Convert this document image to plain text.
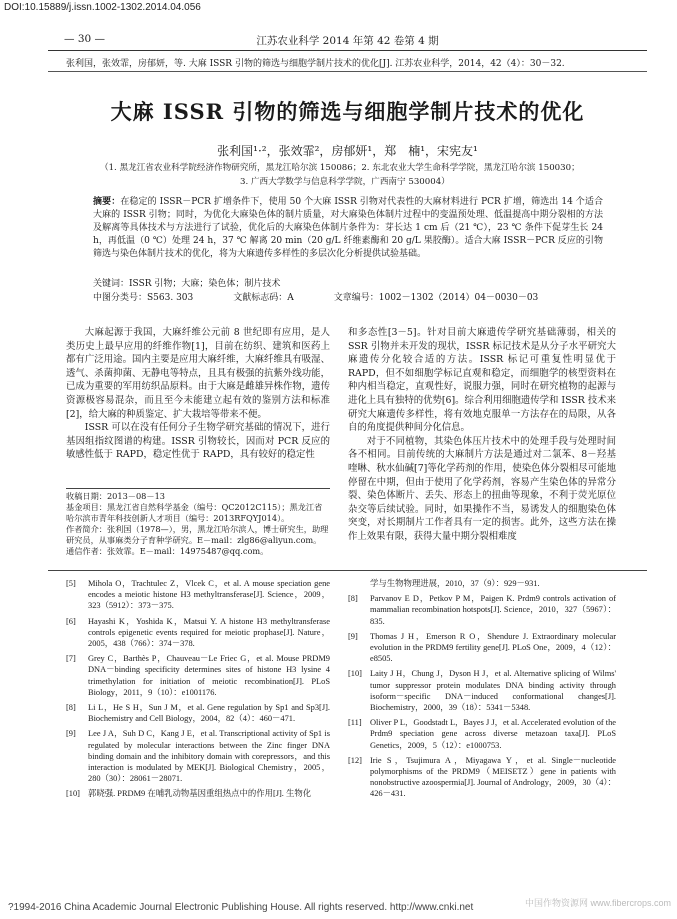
DOI:10.15889/j.issn.1002-1302.2014.04.056
— 30 —	江苏农业科学 2014 年第 42 卷第 4 期
张利国，张效霏，房郁妍，等. 大麻 ISSR 引物的筛选与细胞学制片技术的优化[J]. 江苏农业科学，2014，42（4）：30－32.
大麻 ISSR 引物的筛选与细胞学制片技术的优化
张利国¹·²，张效霏²，房郁妍¹，郑　楠¹，宋宪友¹
（1. 黑龙江省农业科学院经济作物研究所，黑龙江哈尔滨 150086；2. 东北农业大学生命科学学院，黑龙江哈尔滨 150030；
3. 广西大学数学与信息科学学院，广西南宁 530004）
摘要：在稳定的 ISSR－PCR 扩增条件下，使用 50 个大麻 ISSR 引物对代表性的大麻材料进行 PCR 扩增，筛选出 14 个适合大麻的 ISSR 引物；同时，为优化大麻染色体的制片质量，对大麻染色体制片过程中的变温预处理、低温提高中期分裂相的方法及解离等具体技术与方法进行了试验，优化后的大麻染色体制片条件为：芽长达 1 cm 后（21 ℃），23 ℃ 条件下促芽生长 24 h，再低温（0 ℃）处理 24 h，37 ℃ 解离 20 min（20 g/L 纤维素酶和 20 g/L 果胶酶）。适合大麻 ISSR－PCR 反应的引物筛选与染色体制片技术的优化，将为大麻遗传多样性的多层次化分析提供试验基础。
关键词：ISSR 引物；大麻；染色体；制片技术
中图分类号：S563. 303	文献标志码：A	文章编号：1002－1302（2014）04－0030－03

大麻起源于我国，大麻纤维公元前 8 世纪即有应用，是人类历史上最早应用的纤维作物[1]，目前在纺织、建筑和医药上都有广泛用途。国内主要是应用大麻纤维，大麻纤维具有吸湿、透气、杀菌抑菌、无静电等特点，且具有极强的抗紫外线功能，已成为重要的军用纺织品原料。由于大麻是雌雄异株作物，遗传资源极容易混杂，而且至今未能建立起有效的鉴别方法和标准[2]，给大麻的种质鉴定、扩大栽培等带来不便。

ISSR 可以在没有任何分子生物学研究基础的情况下，进行基因组指纹图谱的构建。ISSR 引物较长，因而对 PCR 反应的敏感性低于 RAPD，稳定性优于 RAPD，具有较好的稳定性

收稿日期：2013－08－13
基金项目：黑龙江省自然科学基金（编号：QC2012C115）；黑龙江省哈尔滨市青年科技创新人才项目（编号：2013RFQYJ014）。
作者简介：张利国（1978—），男，黑龙江哈尔滨人，博士研究生，助理研究员，从事麻类分子育种学研究。E－mail：zlg86@aliyun.com。
通信作者：张效霏。E－mail：14975487@qq.com。

和多态性[3－5]。针对目前大麻遗传学研究基础薄弱，相关的 SSR 引物并未开发的现状，ISSR 标记技术是从分子水平研究大麻遗传分化较合适的方法。ISSR 标记可重复性明显优于 RAPD，但不如细胞学标记直观和稳定，而细胞学的核型资料在种内相当稳定，直观性好，说服力强，同时在研究植物的起源与进化上具有独特的优势[6]。综合利用细胞遗传学和 ISSR 技术来研究大麻遗传多样性，将有效地克服单一方法存在的局限，从各自的角度提供种间分化信息。

对于不同植物，其染色体压片技术中的处理手段与处理时间各不相同。目前传统的大麻制片方法是通过对二氯苯、8－羟基喹啉、秋水仙碱[7]等化学药剂的作用，使染色体分裂相尽可能地停留在中期，但由于使用了化学药剂，容易产生染色体的异常分裂、染色体断片、丢失、形态上的扭曲等现象，不利于荧光原位杂交等后续试验。同时，如果操作不当，易诱发人的细胞染色体突变，对长期制片工作者具有一定的损害。此外，这些方法在操作上效果有限，获得大量中期分裂相难度

[5]	Mihola O，Trachtulec Z，Vlcek C，et al. A mouse speciation gene encodes a meiotic histone H3 methyltransferase[J]. Science，2009，323（5912）：373－375.
[6]	Hayashi K，Yoshida K，Matsui Y. A histone H3 methyltransferase controls epigenetic events required for meiotic prophase[J]. Nature，2005，438（766）：374－378.
[7]	Grey C，Barthès P，Chauveau－Le Friec G，et al. Mouse PRDM9 DNA－binding specificity determines sites of histone H3 lysine 4 trimethylation for initiation of meiotic recombination[J]. PLoS Biology，2011，9（10）：e1001176.
[8]	Li L，He S H，Sun J M，et al. Gene regulation by Sp1 and Sp3[J]. Biochemistry and Cell Biology，2004，82（4）：460－471.
[9]	Lee J A，Suh D C，Kang J E，et al. Transcriptional activity of Sp1 is regulated by molecular interactions between the Zinc finger DNA binding domain and the inhibitory domain with corepressors，and this interaction is modulated by MEK[J]. Biological Chemistry，2005，280（30）：28061－28071.
[10] 郭晓强. PRDM9 在哺乳动物基因重组热点中的作用[J]. 生物化
学与生物物理进展，2010，37（9）：929－931.
[8]	Parvanov E D，Petkov P M，Paigen K. Prdm9 controls activation of mammalian recombination hotspots[J]. Science，2010，327（5967）：835.
[9]	Thomas J H，Emerson R O，Shendure J. Extraordinary molecular evolution in the PRDM9 fertility gene[J]. PLoS One，2009，4（12）：e8505.
[10] Laity J H，Chung J，Dyson H J，et al. Alternative splicing of Wilms' tumor suppressor protein modulates DNA binding activity through isoform－specific DNA－induced conformational changes[J]. Biochemistry，2000，39（18）：5341－5348.
[11] Oliver P L，Goodstadt L，Bayes J J，et al. Accelerated evolution of the Prdm9 speciation gene across diverse metazoan taxa[J]. PLoS Genetics，2009，5（12）：e1000753.
[12] Irie S，Tsujimura A，Miyagawa Y，et al. Single－nucleotide polymorphisms of the PRDM9（MEISETZ）gene in patients with nonobstructive azoospermia[J]. Journal of Andrology，2009，30（4）：426－431.
?1994-2016 China Academic Journal Electronic Publishing House. All rights reserved. http://www.cnki.net	中国作物资源网 www.fibercrops.com
